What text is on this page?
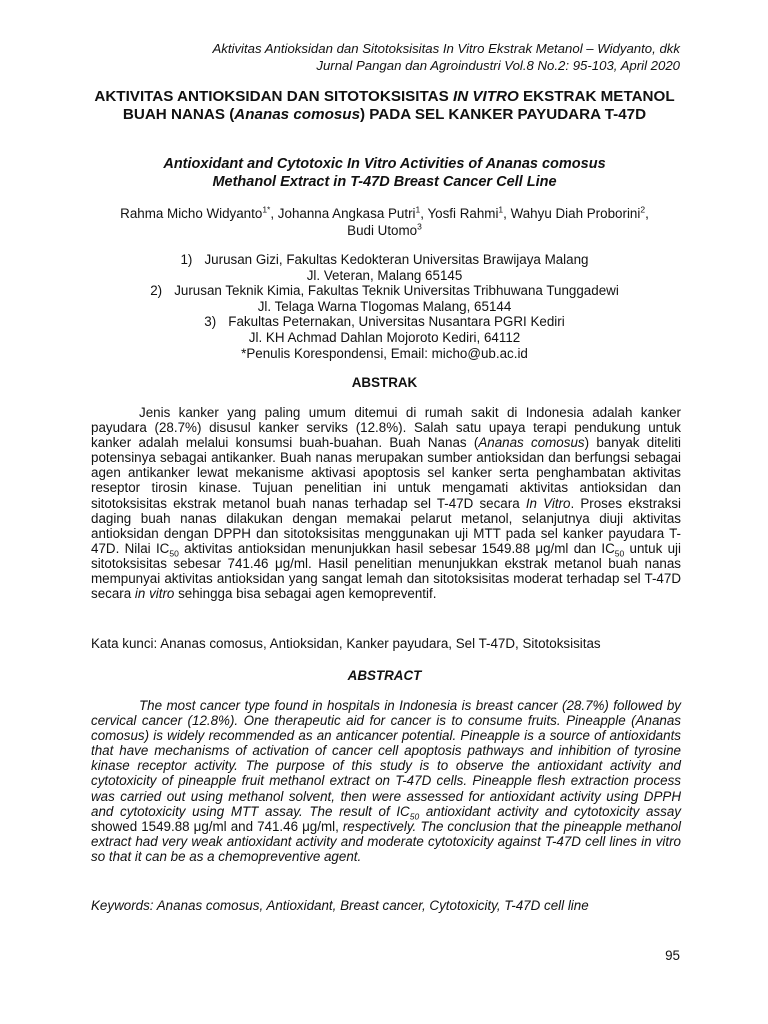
Aktivitas Antioksidan dan Sitotoksisitas In Vitro Ekstrak Metanol – Widyanto, dkk
Jurnal Pangan dan Agroindustri Vol.8 No.2: 95-103, April 2020
AKTIVITAS ANTIOKSIDAN DAN SITOTOKSISITAS IN VITRO EKSTRAK METANOL BUAH NANAS (Ananas comosus) PADA SEL KANKER PAYUDARA T-47D
Antioxidant and Cytotoxic In Vitro Activities of Ananas comosus
Methanol Extract in T-47D Breast Cancer Cell Line
Rahma Micho Widyanto$^{1*}$, Johanna Angkasa Putri$^1$, Yosfi Rahmi$^1$, Wahyu Diah Proborini$^2$,
Budi Utomo$^3$
1) Jurusan Gizi, Fakultas Kedokteran Universitas Brawijaya Malang
Jl. Veteran, Malang 65145
2) Jurusan Teknik Kimia, Fakultas Teknik Universitas Tribhuwana Tunggadewi
Jl. Telaga Warna Tlogomas Malang, 65144
3) Fakultas Peternakan, Universitas Nusantara PGRI Kediri
Jl. KH Achmad Dahlan Mojoroto Kediri, 64112
*Penulis Korespondensi, Email: micho@ub.ac.id
ABSTRAK
Jenis kanker yang paling umum ditemui di rumah sakit di Indonesia adalah kanker payudara (28.7%) disusul kanker serviks (12.8%). Salah satu upaya terapi pendukung untuk kanker adalah melalui konsumsi buah-buahan. Buah Nanas (Ananas comosus) banyak diteliti potensinya sebagai antikanker. Buah nanas merupakan sumber antioksidan dan berfungsi sebagai agen antikanker lewat mekanisme aktivasi apoptosis sel kanker serta penghambatan aktivitas reseptor tirosin kinase. Tujuan penelitian ini untuk mengamati aktivitas antioksidan dan sitotoksisitas ekstrak metanol buah nanas terhadap sel T-47D secara In Vitro. Proses ekstraksi daging buah nanas dilakukan dengan memakai pelarut metanol, selanjutnya diuji aktivitas antioksidan dengan DPPH dan sitotoksisitas menggunakan uji MTT pada sel kanker payudara T-47D. Nilai $IC_{50}$ aktivitas antioksidan menunjukkan hasil sebesar 1549.88 μg/ml dan $IC_{50}$ untuk uji sitotoksisitas sebesar 741.46 μg/ml. Hasil penelitian menunjukkan ekstrak metanol buah nanas mempunyai aktivitas antioksidan yang sangat lemah dan sitotoksisitas moderat terhadap sel T-47D secara in vitro sehingga bisa sebagai agen kemopreventif.
Kata kunci: Ananas comosus, Antioksidan, Kanker payudara, Sel T-47D, Sitotoksisitas
ABSTRACT
The most cancer type found in hospitals in Indonesia is breast cancer (28.7%) followed by cervical cancer (12.8%). One therapeutic aid for cancer is to consume fruits. Pineapple (Ananas comosus) is widely recommended as an anticancer potential. Pineapple is a source of antioxidants that have mechanisms of activation of cancer cell apoptosis pathways and inhibition of tyrosine kinase receptor activity. The purpose of this study is to observe the antioxidant activity and cytotoxicity of pineapple fruit methanol extract on T-47D cells. Pineapple flesh extraction process was carried out using methanol solvent, then were assessed for antioxidant activity using DPPH and cytotoxicity using MTT assay. The result of $IC_{50}$ antioxidant activity and cytotoxicity assay showed 1549.88 μg/ml and 741.46 μg/ml, respectively. The conclusion that the pineapple methanol extract had very weak antioxidant activity and moderate cytotoxicity against T-47D cell lines in vitro so that it can be as a chemopreventive agent.
Keywords: Ananas comosus, Antioxidant, Breast cancer, Cytotoxicity, T-47D cell line
95
